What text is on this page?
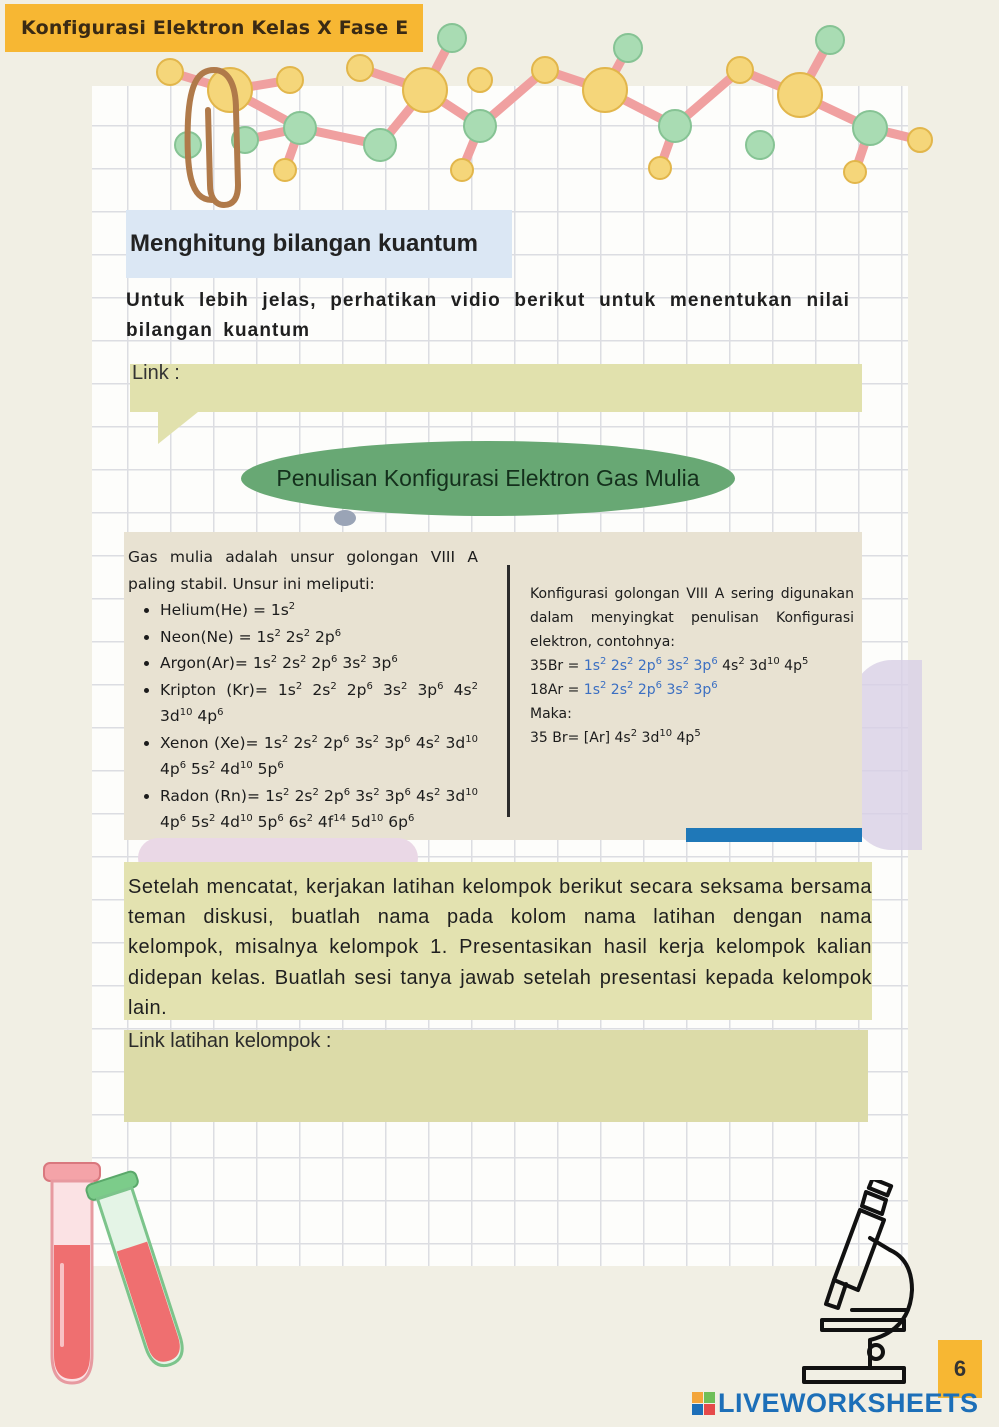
Konfigurasi Elektron Kelas X Fase E
Menghitung bilangan kuantum
Untuk lebih jelas, perhatikan vidio berikut untuk menentukan nilai bilangan kuantum
Link :
Penulisan Konfigurasi Elektron Gas Mulia
Gas mulia adalah unsur golongan VIII A paling stabil. Unsur ini meliputi:
• Helium(He) = $1s^2$
• Neon(Ne) = $1s^2$ $2s^2$ $2p^6$
• Argon(Ar)= $1s^2$ $2s^2$ $2p^6$ $3s^2$ $3p^6$
• Kripton $(Kr)= 1s^2$ $2s^2$ $2p^6$ $3s^2$ $3p^6$ $4s^2$ $3d^{10}$ $4p^6$
• Xenon $(Xe)= 1s^2$ $2s^2$ $2p^6$ $3s^2$ $3p^6$ $4s^2$ $3d^{10}$ $4p^6$ $5s^2$ $4d^{10}$ $5p^6$
• Radon $(Rn)= 1s^2$ $2s^2$ $2p^6$ $3s^2$ $3p^6$ $4s^2$ $3d^{10}$ $4p^6$ $5s^2$ $4d^{10}$ $5p^6$ $6s^2$ $4f^{14}$ $5d^{10}$ $6p^6$
Konfigurasi golongan VIII A sering digunakan dalam menyingkat penulisan Konfigurasi elektron, contohnya:
$35Br = 1s^2$ $2s^2$ $2p^6$ $3s^2$ $3p^6$ $4s^2$ $3d^{10}$ $4p^5$
$18Ar = 1s^2$ $2s^2$ $2p^6$ $3s^2$ $3p^6$
Maka:
35 Br= [Ar] $4s^2$ $3d^{10}$ $4p^5$
Setelah mencatat, kerjakan latihan kelompok berikut secara seksama bersama teman diskusi, buatlah nama pada kolom nama latihan dengan nama kelompok, misalnya kelompok 1. Presentasikan hasil kerja kelompok kalian didepan kelas. Buatlah sesi tanya jawab setelah presentasi kepada kelompok lain.
Link latihan kelompok :
6
LIVEWORKSHEETS
